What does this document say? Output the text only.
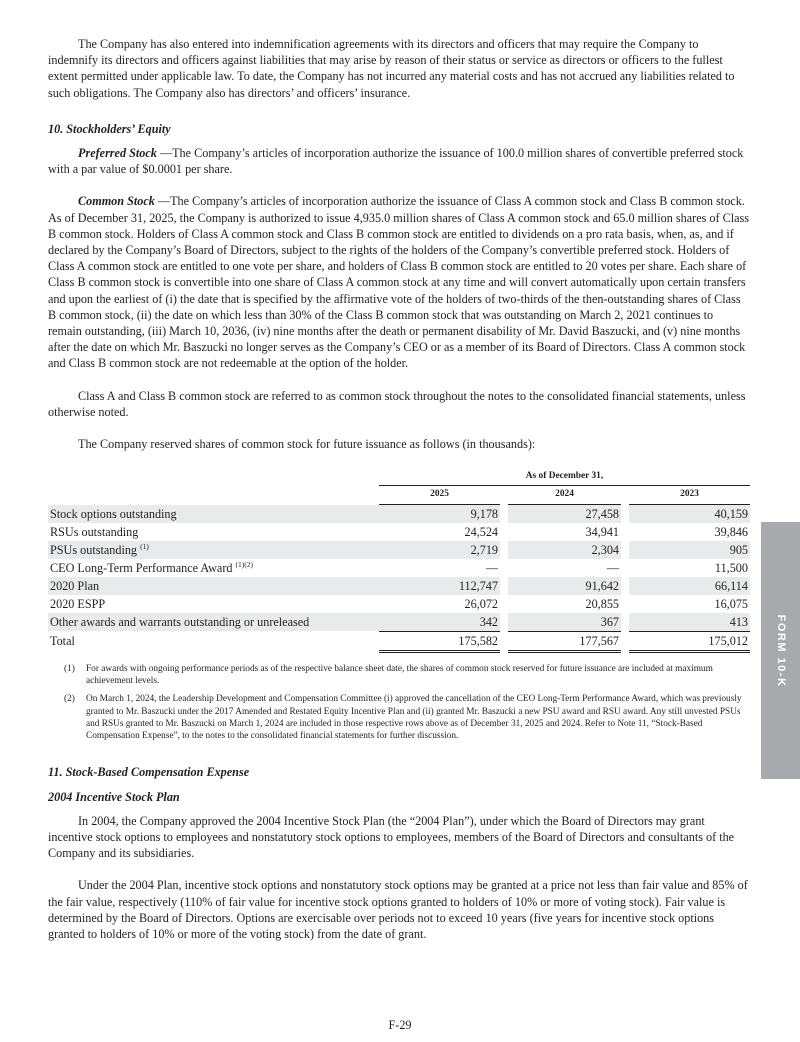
The Company has also entered into indemnification agreements with its directors and officers that may require the Company to indemnify its directors and officers against liabilities that may arise by reason of their status or service as directors or officers to the fullest extent permitted under applicable law. To date, the Company has not incurred any material costs and has not accrued any liabilities related to such obligations. The Company also has directors’ and officers’ insurance.

10. Stockholders’ Equity

Preferred Stock —The Company’s articles of incorporation authorize the issuance of 100.0 million shares of convertible preferred stock with a par value of $0.0001 per share.

Common Stock —The Company’s articles of incorporation authorize the issuance of Class A common stock and Class B common stock. As of December 31, 2025, the Company is authorized to issue 4,935.0 million shares of Class A common stock and 65.0 million shares of Class B common stock. Holders of Class A common stock and Class B common stock are entitled to dividends on a pro rata basis, when, as, and if declared by the Company’s Board of Directors, subject to the rights of the holders of the Company’s convertible preferred stock. Holders of Class A common stock are entitled to one vote per share, and holders of Class B common stock are entitled to 20 votes per share. Each share of Class B common stock is convertible into one share of Class A common stock at any time and will convert automatically upon certain transfers and upon the earliest of (i) the date that is specified by the affirmative vote of the holders of two-thirds of the then-outstanding shares of Class B common stock, (ii) the date on which less than 30% of the Class B common stock that was outstanding on March 2, 2021 continues to remain outstanding, (iii) March 10, 2036, (iv) nine months after the death or permanent disability of Mr. David Baszucki, and (v) nine months after the date on which Mr. Baszucki no longer serves as the Company’s CEO or as a member of its Board of Directors. Class A common stock and Class B common stock are not redeemable at the option of the holder.

Class A and Class B common stock are referred to as common stock throughout the notes to the consolidated financial statements, unless otherwise noted.

The Company reserved shares of common stock for future issuance as follows (in thousands):

	As of December 31,				

	2025		2024		2023

Stock options outstanding	9,178		27,458		40,159
RSUs outstanding	24,524		34,941		39,846
PSUs outstanding $^{(1)}$	2,719		2,304		905
CEO Long-Term Performance Award $^{(1)(2)}$	—		—		11,500
2020 Plan	112,747		91,642		66,114
2020 ESPP	26,072		20,855		16,075
Other awards and warrants outstanding or unreleased	342		367		413
Total	175,582		177,567		175,012
(1)	For awards with ongoing performance periods as of the respective balance sheet date, the shares of common stock reserved for future issuance are included at maximum achievement levels.
(2)	On March 1, 2024, the Leadership Development and Compensation Committee (i) approved the cancellation of the CEO Long-Term Performance Award, which was previously granted to Mr. Baszucki under the 2017 Amended and Restated Equity Incentive Plan and (ii) granted Mr. Baszucki a new PSU award and RSU award. Any still unvested PSUs and RSUs granted to Mr. Baszucki on March 1, 2024 are included in those respective rows above as of December 31, 2025 and 2024. Refer to Note 11, “Stock-Based Compensation Expense”, to the notes to the consolidated financial statements for further discussion.

11. Stock-Based Compensation Expense

2004 Incentive Stock Plan

In 2004, the Company approved the 2004 Incentive Stock Plan (the “2004 Plan”), under which the Board of Directors may grant incentive stock options to employees and nonstatutory stock options to employees, members of the Board of Directors and consultants of the Company and its subsidiaries.

Under the 2004 Plan, incentive stock options and nonstatutory stock options may be granted at a price not less than fair value and 85% of the fair value, respectively (110% of fair value for incentive stock options granted to holders of 10% or more of voting stock). Fair value is determined by the Board of Directors. Options are exercisable over periods not to exceed 10 years (five years for incentive stock options granted to holders of 10% or more of the voting stock) from the date of grant.

FORM 10-K
F-29
